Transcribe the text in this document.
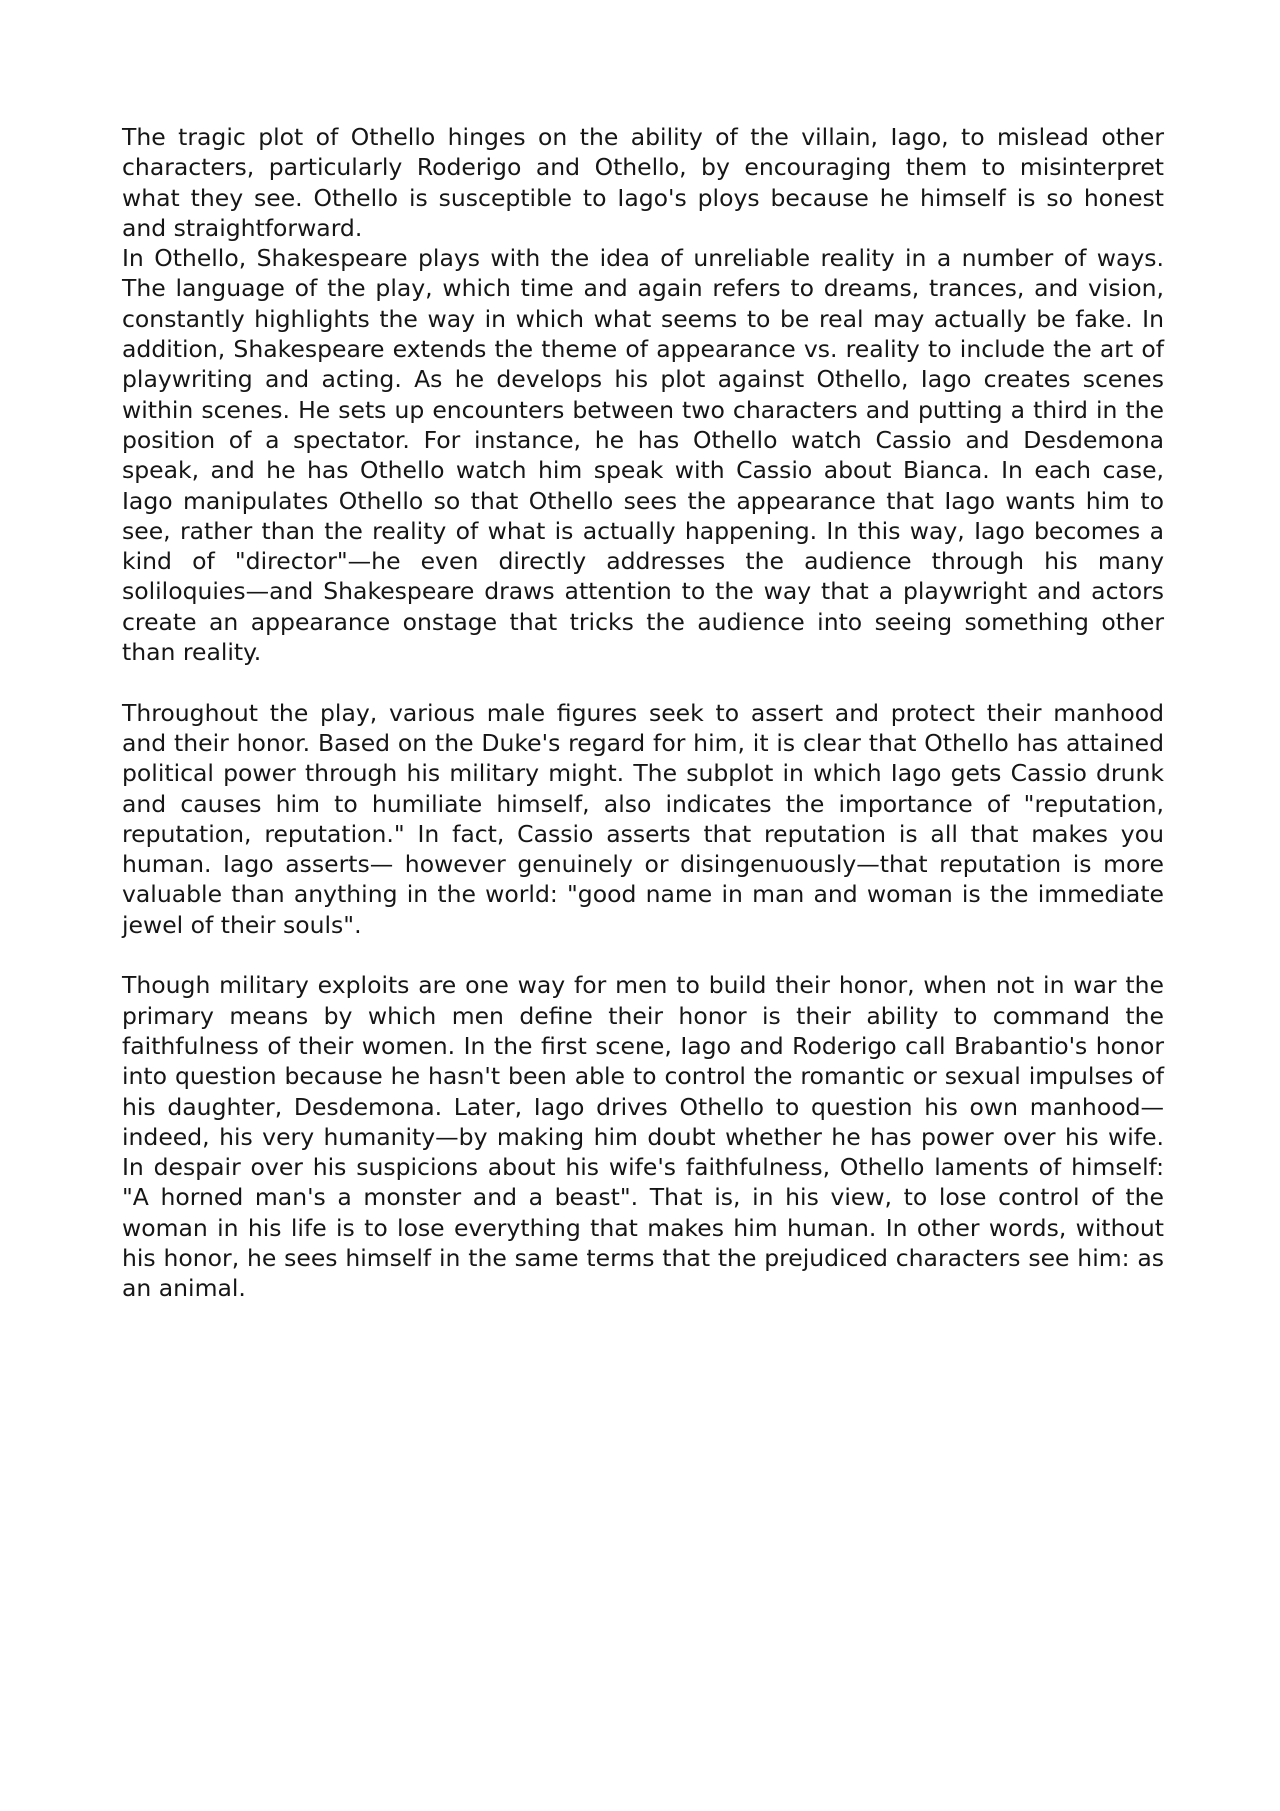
The tragic plot of Othello hinges on the ability of the villain, Iago, to mislead other characters, particularly Roderigo and Othello, by encouraging them to misinterpret what they see. Othello is susceptible to Iago's ploys because he himself is so honest and straightforward.

In Othello, Shakespeare plays with the idea of unreliable reality in a number of ways. The language of the play, which time and again refers to dreams, trances, and vision, constantly highlights the way in which what seems to be real may actually be fake. In addition, Shakespeare extends the theme of appearance vs. reality to include the art of playwriting and acting. As he develops his plot against Othello, Iago creates scenes within scenes. He sets up encounters between two characters and putting a third in the position of a spectator. For instance, he has Othello watch Cassio and Desdemona speak, and he has Othello watch him speak with Cassio about Bianca. In each case, Iago manipulates Othello so that Othello sees the appearance that Iago wants him to see, rather than the reality of what is actually happening. In this way, Iago becomes a kind of "director"—he even directly addresses the audience through his many soliloquies—and Shakespeare draws attention to the way that a playwright and actors create an appearance onstage that tricks the audience into seeing something other than reality.

Throughout the play, various male figures seek to assert and protect their manhood and their honor. Based on the Duke's regard for him, it is clear that Othello has attained political power through his military might. The subplot in which Iago gets Cassio drunk and causes him to humiliate himself, also indicates the importance of "reputation, reputation, reputation." In fact, Cassio asserts that reputation is all that makes you human. Iago asserts— however genuinely or disingenuously—that reputation is more valuable than anything in the world: "good name in man and woman is the immediate jewel of their souls".

Though military exploits are one way for men to build their honor, when not in war the primary means by which men define their honor is their ability to command the faithfulness of their women. In the first scene, Iago and Roderigo call Brabantio's honor into question because he hasn't been able to control the romantic or sexual impulses of his daughter, Desdemona. Later, Iago drives Othello to question his own manhood— indeed, his very humanity—by making him doubt whether he has power over his wife. In despair over his suspicions about his wife's faithfulness, Othello laments of himself: "A horned man's a monster and a beast". That is, in his view, to lose control of the woman in his life is to lose everything that makes him human. In other words, without his honor, he sees himself in the same terms that the prejudiced characters see him: as an animal.
